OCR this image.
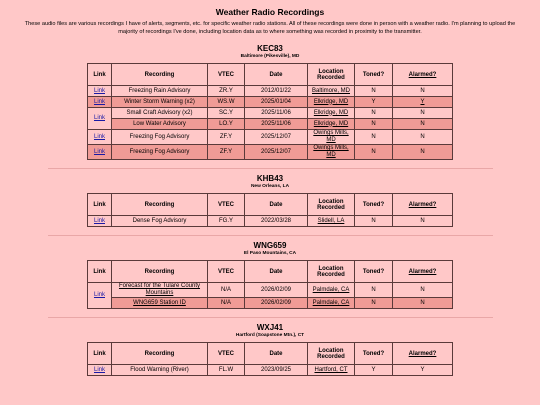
Weather Radio Recordings

These audio files are various recordings I have of alerts, segments, etc. for specific weather radio stations. All of these recordings were done in person with a weather radio. I'm planning to upload the majority of recordings I've done, including location data as to where something was recorded in proximity to the transmitter.

KEC83

Baltimore (Pikesville), MD

Link	Recording	VTEC	Date	Location Recorded	Toned?	Alarmed?
Link	Freezing Rain Advisory	ZR.Y	2012/01/22	Baltimore, MD	N	N
Link	Winter Storm Warning (x2)	WS.W	2025/01/04	Elkridge, MD	Y	Y
Link	Small Craft Advisory (x2)	SC.Y	2025/11/06	Elkridge, MD	N	N
	Low Water Advisory	LO.Y	2025/11/06	Elkridge, MD	N	N
Link	Freezing Fog Advisory	ZF.Y	2025/12/07	Owings Mills, MD	N	N
Link	Freezing Fog Advisory	ZF.Y	2025/12/07	Owings Mills, MD	N	N

KHB43

New Orleans, LA

Link	Recording	VTEC	Date	Location Recorded	Toned?	Alarmed?
Link	Dense Fog Advisory	FG.Y	2022/03/28	Slidell, LA	N	N

WNG659

El Paso Mountains, CA

Link	Recording	VTEC	Date	Location Recorded	Toned?	Alarmed?
Link	Forecast for the Tulare County Mountains	N/A	2026/02/09	Palmdale, CA	N	N
	WNG659 Station ID	N/A	2026/02/09	Palmdale, CA	N	N

WXJ41

Hartford (Soapstone Mtn.), CT

Link	Recording	VTEC	Date	Location Recorded	Toned?	Alarmed?
Link	Flood Warning (River)	FL.W	2023/09/25	Hartford, CT	Y	Y
